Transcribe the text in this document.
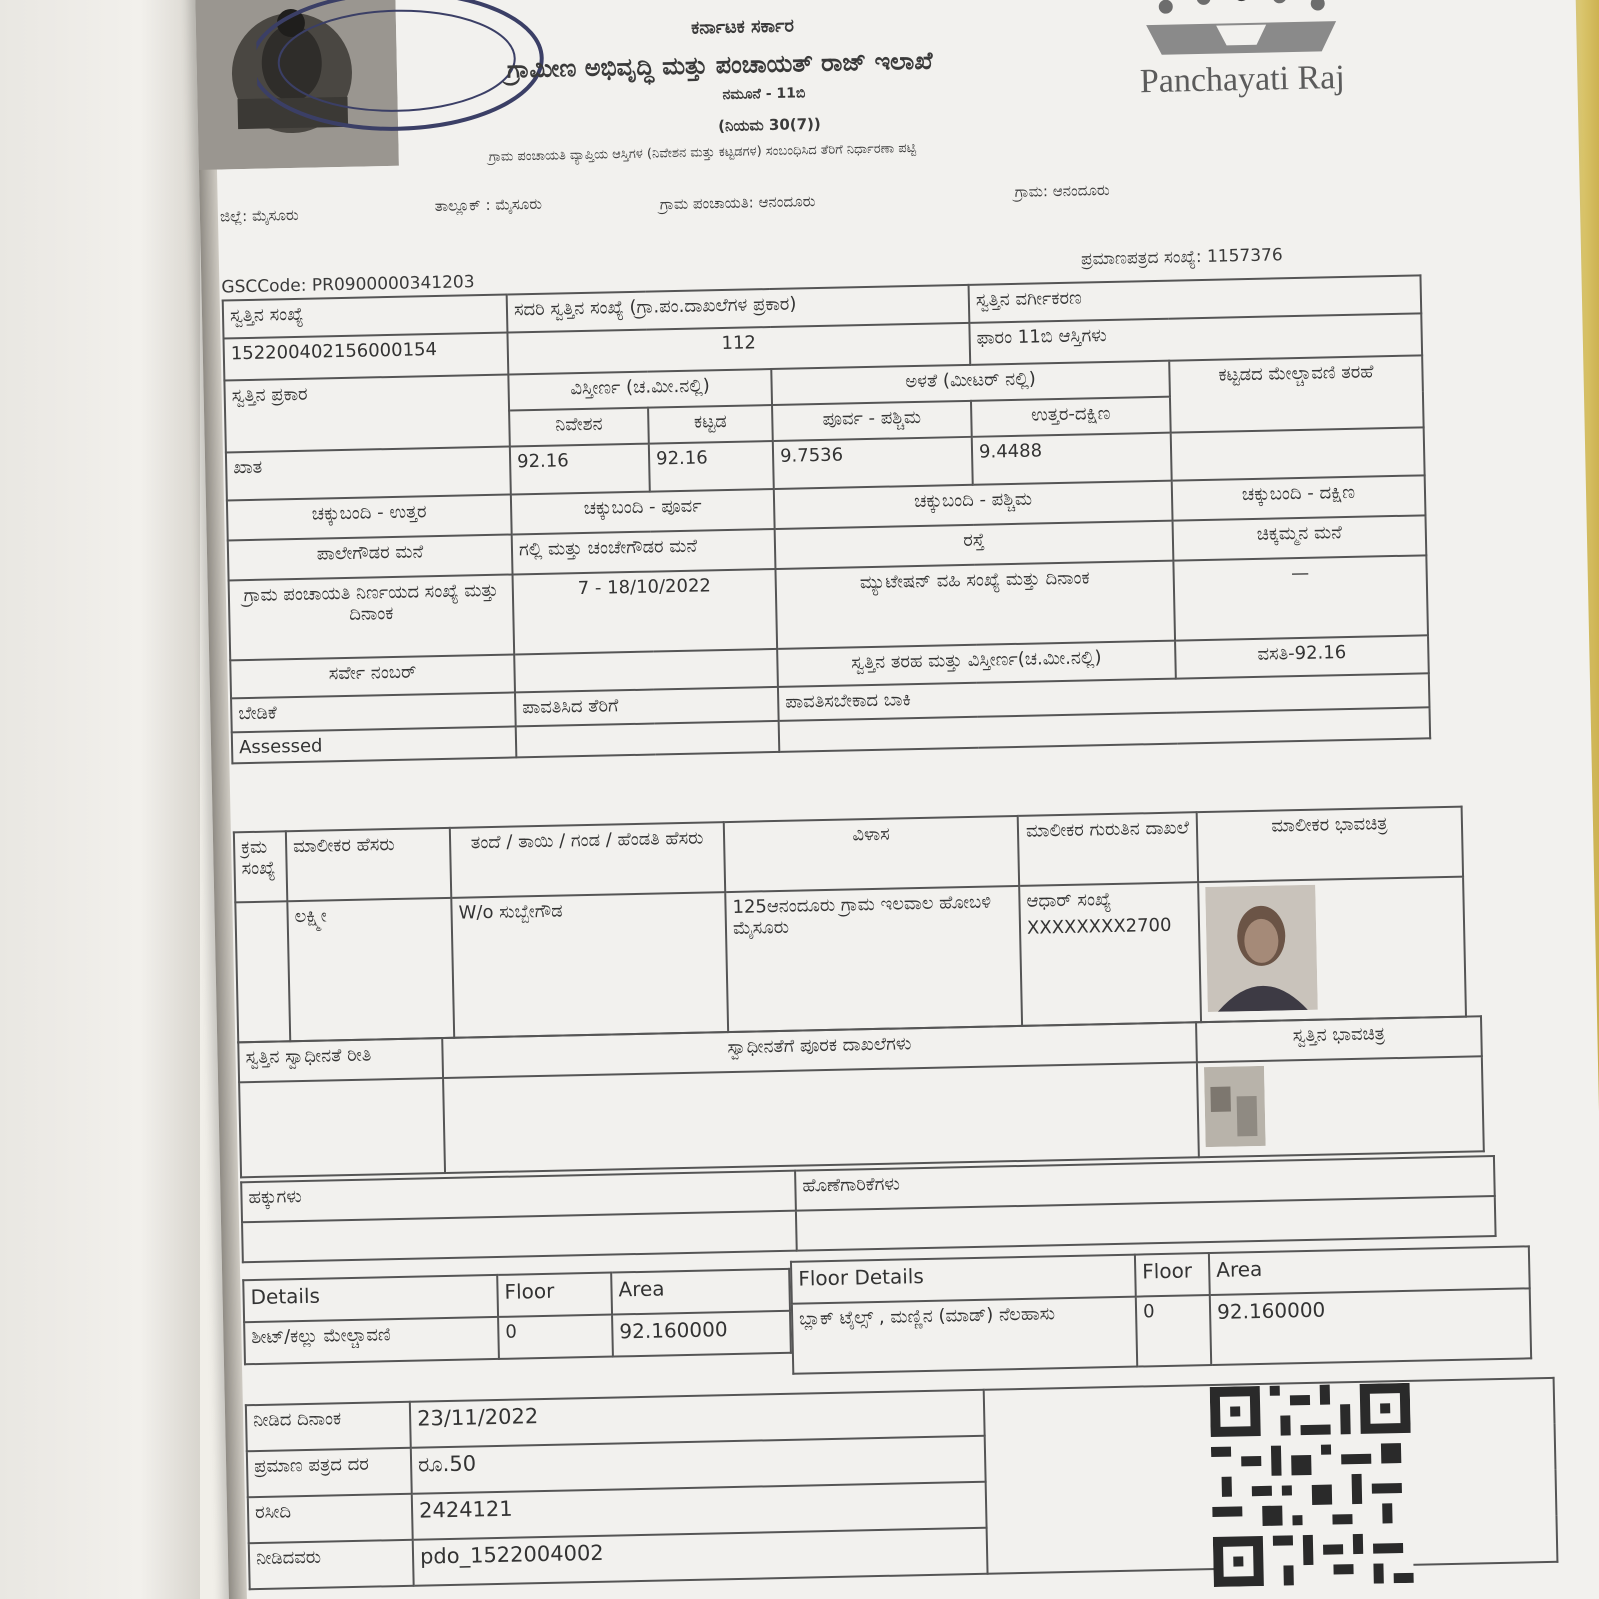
ಕರ್ನಾಟಕ ಸರ್ಕಾರ
ಗ್ರಾಮೀಣ ಅಭಿವೃದ್ಧಿ ಮತ್ತು ಪಂಚಾಯತ್ ರಾಜ್ ಇಲಾಖೆ
ನಮೂನೆ - 11ಬಿ
(ನಿಯಮ 30(7))
ಗ್ರಾಮ ಪಂಚಾಯತಿ ವ್ಯಾಪ್ತಿಯ ಆಸ್ತಿಗಳ (ನಿವೇಶನ ಮತ್ತು ಕಟ್ಟಡಗಳ) ಸಂಬಂಧಿಸಿದ ತೆರಿಗೆ ನಿರ್ಧಾರಣಾ ಪಟ್ಟಿ
Panchayati Raj
ಜಿಲ್ಲೆ: ಮೈಸೂರು
ತಾಲ್ಲೂಕ್ : ಮೈಸೂರು	ಗ್ರಾಮ ಪಂಚಾಯತಿ: ಆನಂದೂರು
ಗ್ರಾಮ: ಆನಂದೂರು
GSCCode: PR0900000341203
ಪ್ರಮಾಣಪತ್ರದ ಸಂಖ್ಯೆ: 1157376
ಸ್ವತ್ತಿನ ಸಂಖ್ಯೆ	ಸದರಿ ಸ್ವತ್ತಿನ ಸಂಖ್ಯೆ (ಗ್ರಾ.ಪಂ.ದಾಖಲೆಗಳ ಪ್ರಕಾರ)			ಸ್ವತ್ತಿನ ವರ್ಗೀಕರಣ	
152200402156000154	112			ಫಾರಂ 11ಬಿ ಆಸ್ತಿಗಳು	
ಸ್ವತ್ತಿನ ಪ್ರಕಾರ	ವಿಸ್ತೀರ್ಣ (ಚ.ಮೀ.ನಲ್ಲಿ)		ಅಳತೆ (ಮೀಟರ್ ನಲ್ಲಿ)		ಕಟ್ಟಡದ ಮೇಲ್ಚಾವಣಿ ತರಹೆ
	ನಿವೇಶನ	ಕಟ್ಟಡ	ಪೂರ್ವ - ಪಶ್ಚಿಮ	ಉತ್ತರ-ದಕ್ಷಿಣ	
ಖಾತ	92.16	92.16	9.7536	9.4488	
ಚಕ್ಕುಬಂದಿ - ಉತ್ತರ	ಚಕ್ಕುಬಂದಿ - ಪೂರ್ವ		ಚಕ್ಕುಬಂದಿ - ಪಶ್ಚಿಮ		ಚಕ್ಕುಬಂದಿ - ದಕ್ಷಿಣ
ಪಾಲೇಗೌಡರ ಮನೆ	ಗಲ್ಲಿ ಮತ್ತು ಚಂಚೇಗೌಡರ ಮನೆ		ರಸ್ತೆ		ಚಿಕ್ಕಮ್ಮನ ಮನೆ
ಗ್ರಾಮ ಪಂಚಾಯತಿ ನಿರ್ಣಯದ ಸಂಖ್ಯೆ ಮತ್ತು ದಿನಾಂಕ	7 - 18/10/2022		ಮ್ಯುಟೇಷನ್ ವಹಿ ಸಂಖ್ಯೆ ಮತ್ತು ದಿನಾಂಕ		—
ಸರ್ವೇ ನಂಬರ್			ಸ್ವತ್ತಿನ ತರಹ ಮತ್ತು ವಿಸ್ತೀರ್ಣ(ಚ.ಮೀ.ನಲ್ಲಿ)		ವಸತಿ-92.16
ಬೇಡಿಕೆ	ಪಾವತಿಸಿದ ತೆರಿಗೆ		ಪಾವತಿಸಬೇಕಾದ ಬಾಕಿ		
Assessed					
ಕ್ರಮ ಸಂಖ್ಯೆ	ಮಾಲೀಕರ ಹೆಸರು	ತಂದೆ / ತಾಯಿ / ಗಂಡ / ಹೆಂಡತಿ ಹೆಸರು	ವಿಳಾಸ	ಮಾಲೀಕರ ಗುರುತಿನ ದಾಖಲೆ	ಮಾಲೀಕರ ಭಾವಚಿತ್ರ
	ಲಕ್ಷ್ಮೀ	W/o ಸುಬ್ಬೇಗೌಡ	125ಆನಂದೂರು ಗ್ರಾಮ ಇಲವಾಲ ಹೋಬಳಿ ಮೈಸೂರು	ಆಧಾರ್ ಸಂಖ್ಯೆ
XXXXXXXX2700

ಸ್ವತ್ತಿನ ಸ್ವಾಧೀನತೆ ರೀತಿ	ಸ್ವಾಧೀನತೆಗೆ ಪೂರಕ ದಾಖಲೆಗಳು	ಸ್ವತ್ತಿನ ಭಾವಚಿತ್ರ

ಹಕ್ಕುಗಳು	ಹೊಣೆಗಾರಿಕೆಗಳು

Details	Floor	Area
ಶೀಟ್/ಕಲ್ಲು ಮೇಲ್ಚಾವಣಿ	0	92.160000
Floor Details	Floor	Area
ಬ್ಲಾಕ್ ಟೈಲ್ಸ್ , ಮಣ್ಣಿನ (ಮಾಡ್) ನೆಲಹಾಸು	0	92.160000
ನೀಡಿದ ದಿನಾಂಕ	23/11/2022	
ಪ್ರಮಾಣ ಪತ್ರದ ದರ	ರೂ.50	
ರಸೀದಿ	2424121	
ನೀಡಿದವರು	pdo_1522004002	
